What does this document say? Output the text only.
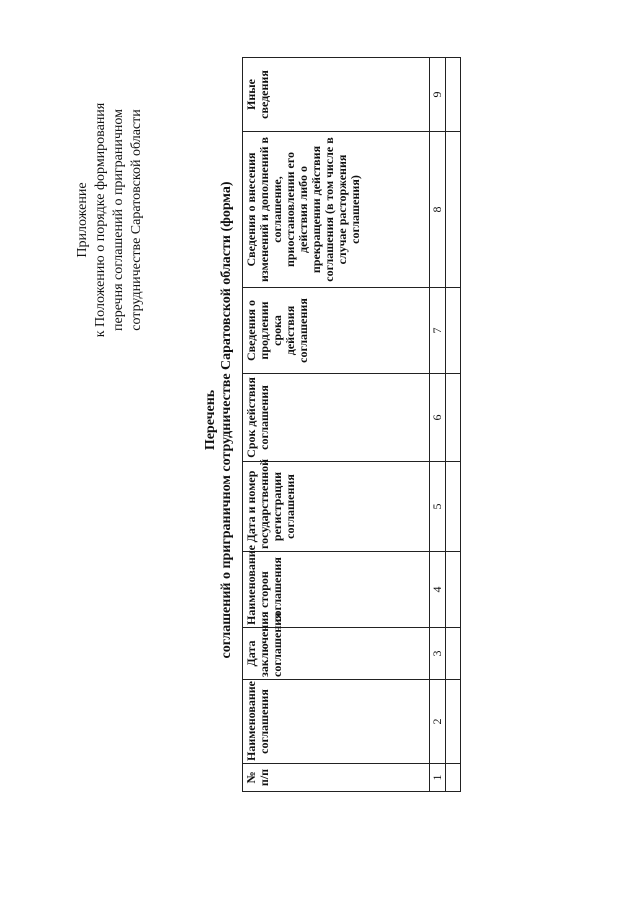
Приложение к Положению о порядке формирования перечня соглашений о приграничном сотрудничестве Саратовской области
Перечень соглашений о приграничном сотрудничестве Саратовской области (форма)
№ п/п	Наименование соглашения	Дата заключения соглашения	Наименование сторон соглашения	Дата и номер государственной регистрации соглашения	Срок действия соглашения	Сведения о продлении срока действия соглашения	Сведения о внесения изменений и дополнений в соглашение, приостановлении его действия либо о прекращении действия соглашения (в том числе в случае расторжения соглашения)	Иные сведения
1	2	3	4	5	6	7	8	9
